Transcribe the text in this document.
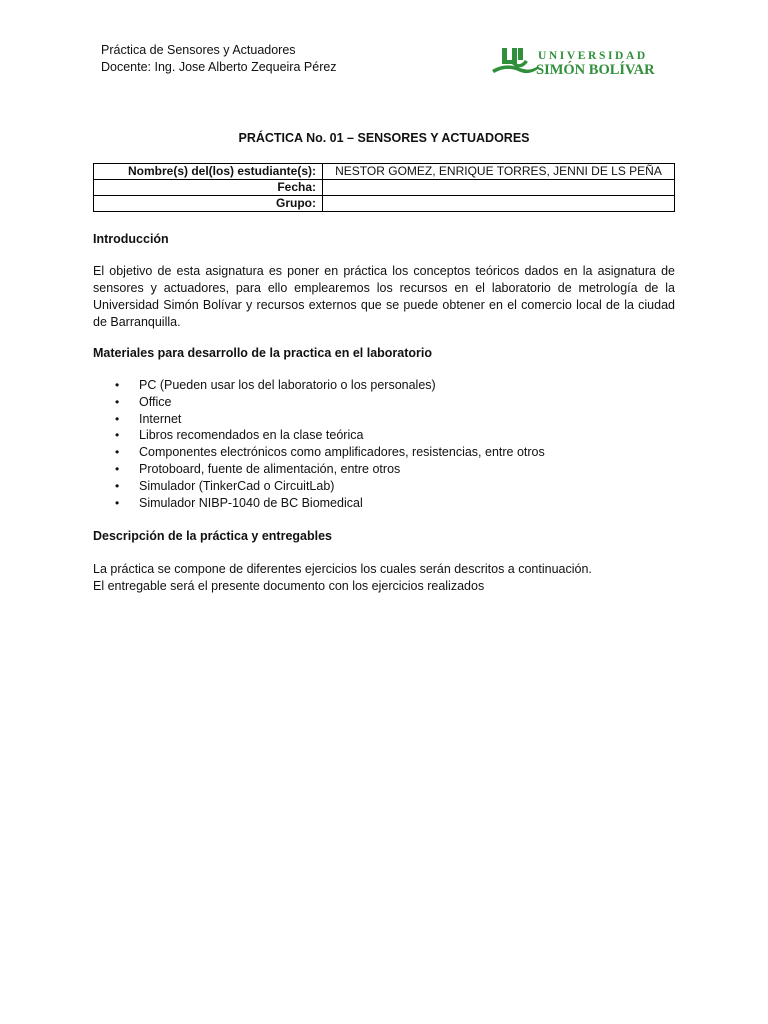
Práctica de Sensores y Actuadores
Docente: Ing. Jose Alberto Zequeira Pérez
UNIVERSIDAD
SIMÓN BOLÍVAR
PRÁCTICA No. 01 – SENSORES Y ACTUADORES
Nombre(s) del(los) estudiante(s):	NESTOR GOMEZ, ENRIQUE TORRES, JENNI DE LS PEÑA
Fecha:	
Grupo:	
Introducción
El objetivo de esta asignatura es poner en práctica los conceptos teóricos dados en la asignatura de sensores y actuadores, para ello emplearemos los recursos en el laboratorio de metrología de la Universidad Simón Bolívar y recursos externos que se puede obtener en el comercio local de la ciudad de Barranquilla.
Materiales para desarrollo de la practica en el laboratorio
• PC (Pueden usar los del laboratorio o los personales)
• Office
• Internet
• Libros recomendados en la clase teórica
• Componentes electrónicos como amplificadores, resistencias, entre otros
• Protoboard, fuente de alimentación, entre otros
• Simulador (TinkerCad o CircuitLab)
• Simulador NIBP-1040 de BC Biomedical
Descripción de la práctica y entregables
La práctica se compone de diferentes ejercicios los cuales serán descritos a continuación.
El entregable será el presente documento con los ejercicios realizados
